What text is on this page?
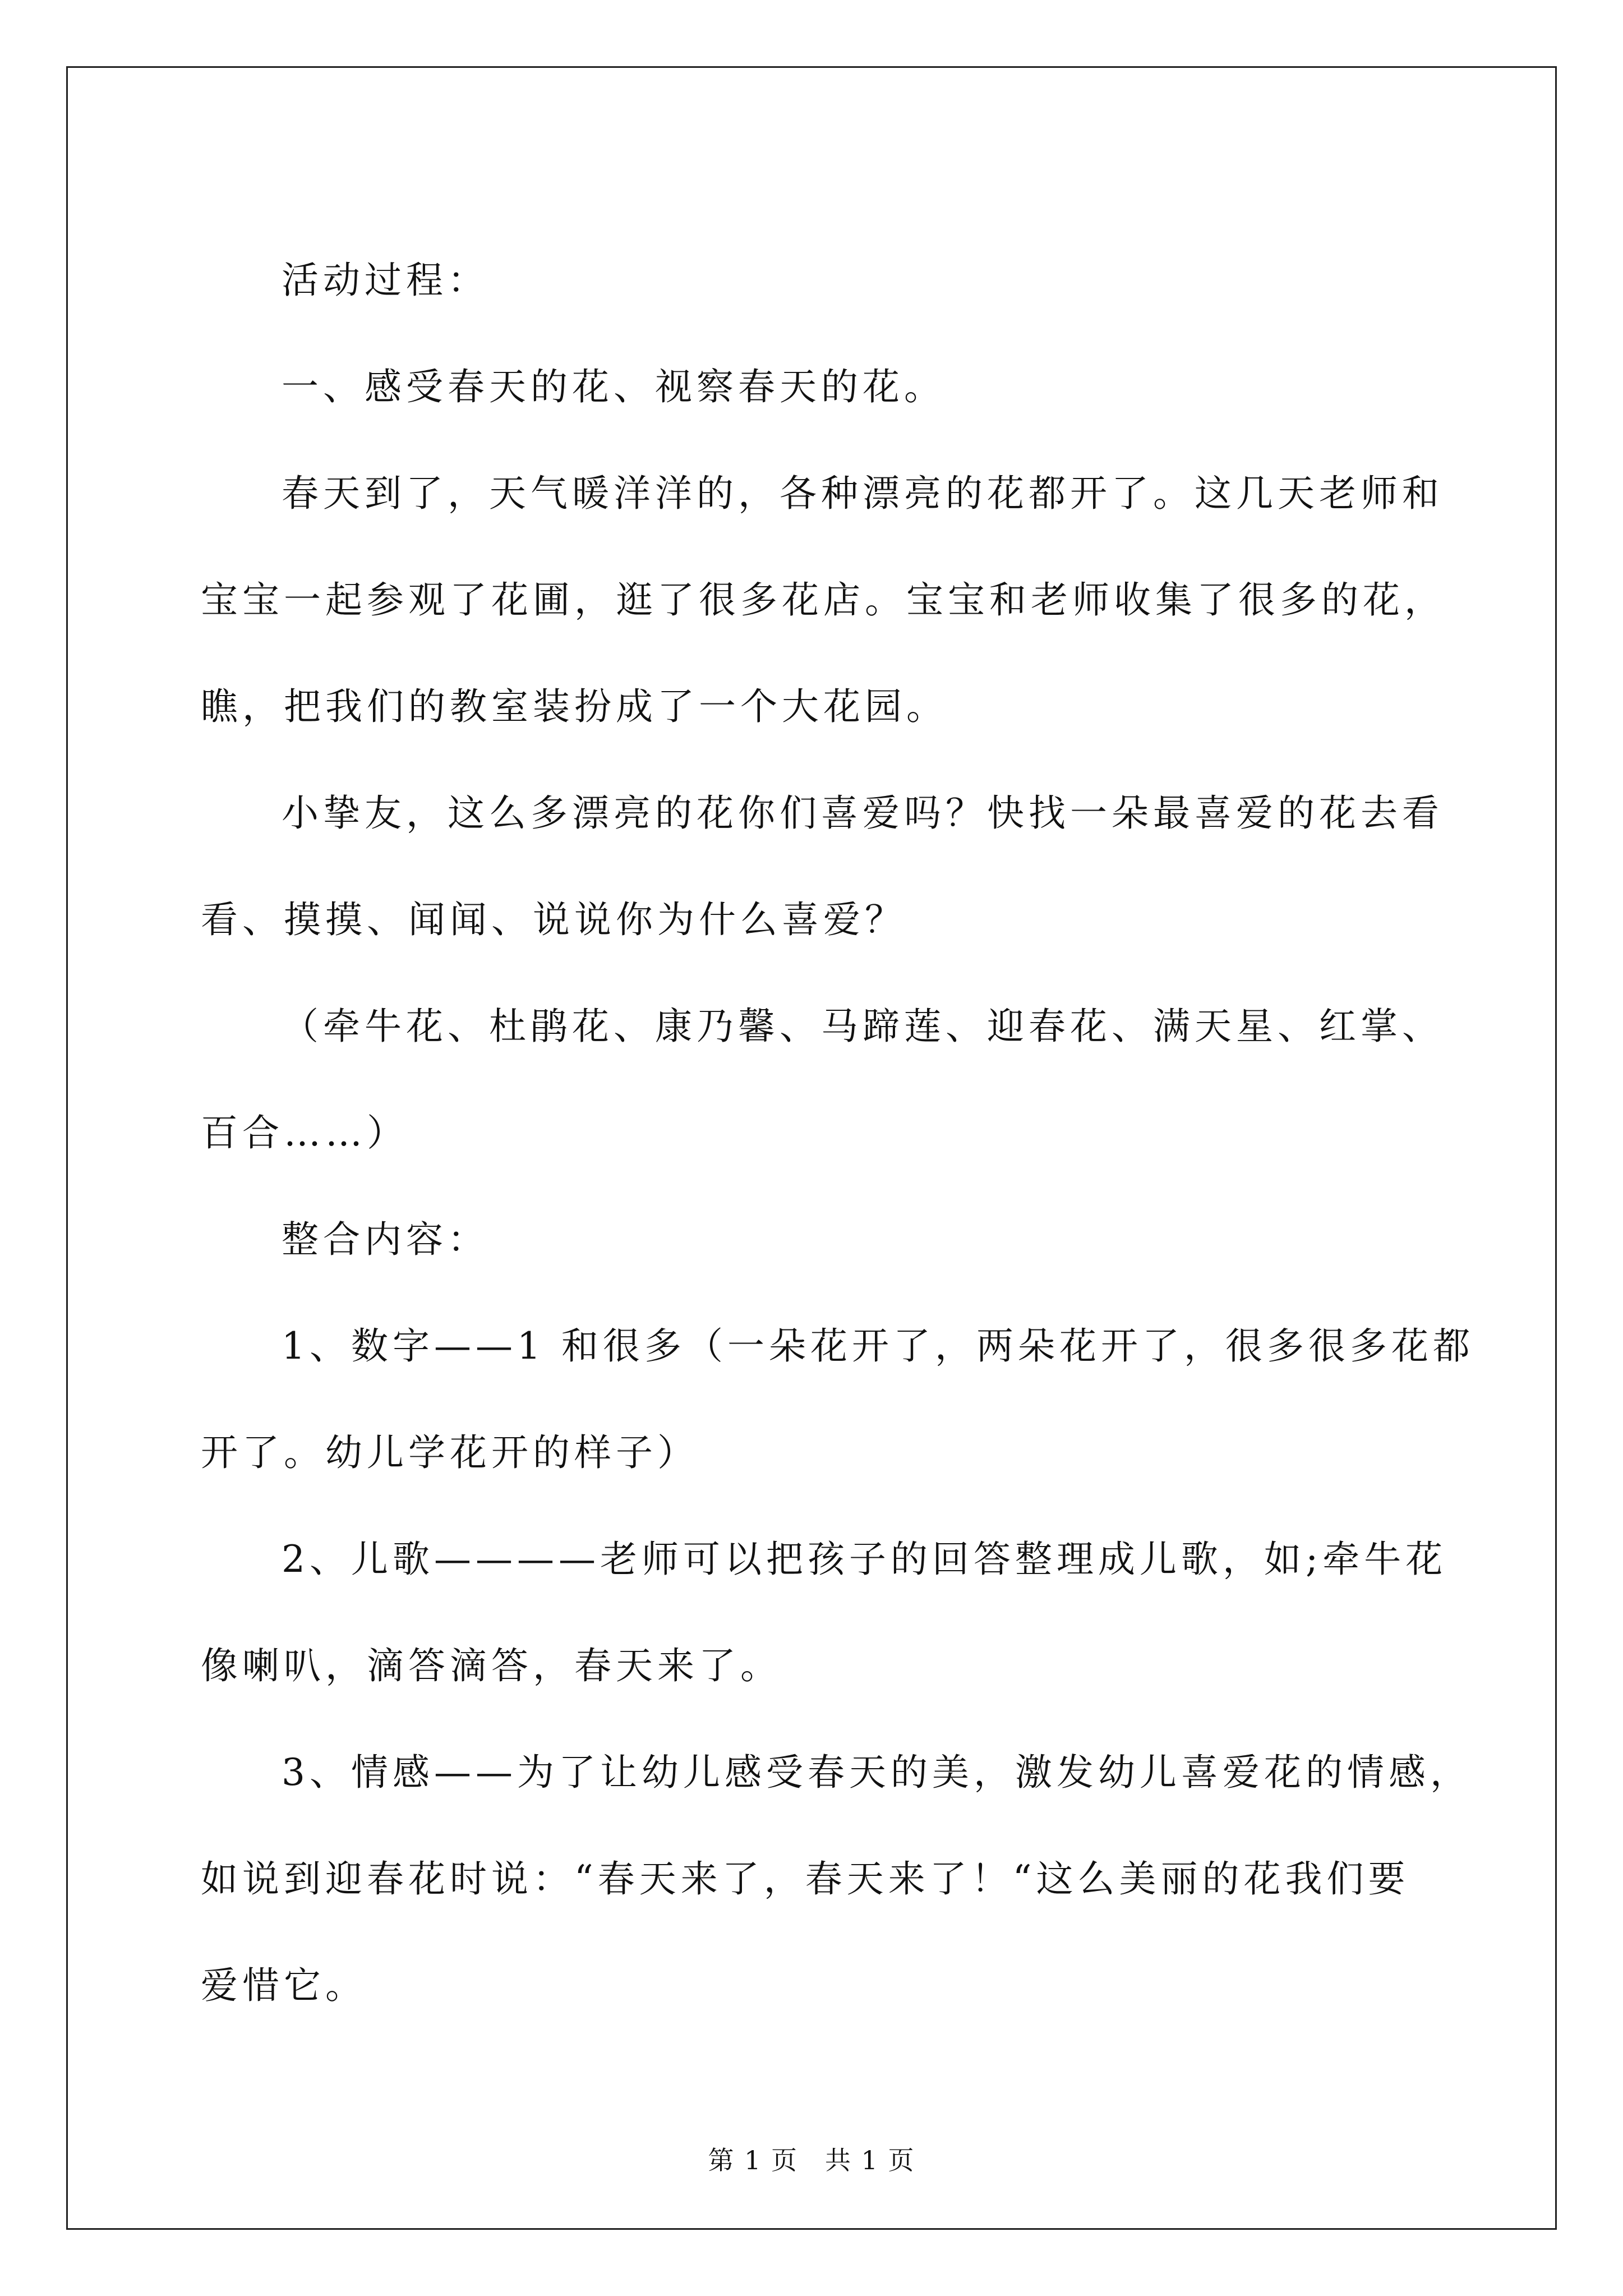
活动过程：

一、感受春天的花、视察春天的花。

春天到了，天气暖洋洋的，各种漂亮的花都开了。这几天老师和
宝宝一起参观了花圃，逛了很多花店。宝宝和老师收集了很多的花，
瞧，把我们的教室装扮成了一个大花园。

小挚友，这么多漂亮的花你们喜爱吗？快找一朵最喜爱的花去看
看、摸摸、闻闻、说说你为什么喜爱？

（牵牛花、杜鹃花、康乃馨、马蹄莲、迎春花、满天星、红掌、
百合……）

整合内容：

1、数字——1 和很多（一朵花开了，两朵花开了，很多很多花都
开了。幼儿学花开的样子）

2、儿歌————老师可以把孩子的回答整理成儿歌，如;牵牛花
像喇叭，滴答滴答，春天来了。

3、情感——为了让幼儿感受春天的美，激发幼儿喜爱花的情感，
如说到迎春花时说：“春天来了，春天来了！“这么美丽的花我们要
爱惜它。

第 1 页 共 1 页
